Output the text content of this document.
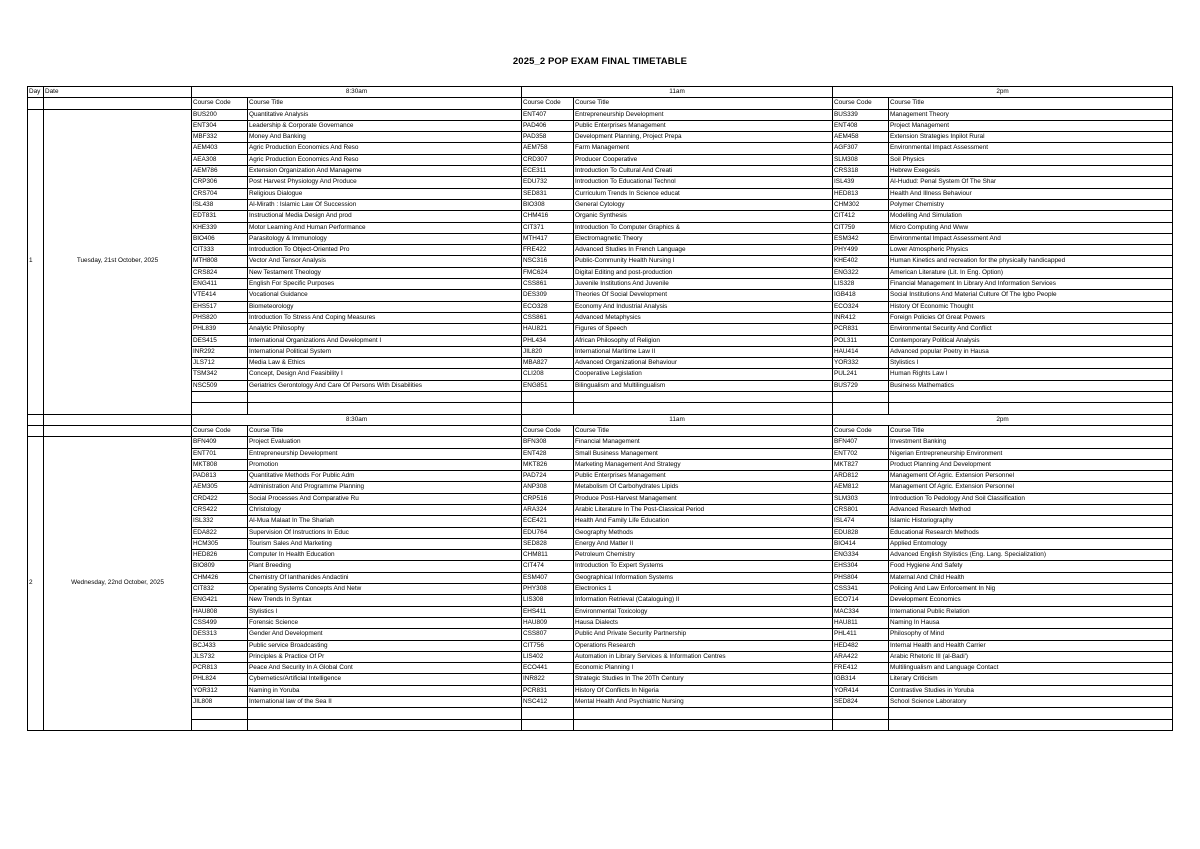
2025_2 POP EXAM FINAL TIMETABLE
Day	Date	8:30am		11am		2pm	
		Course Code	Course Title	Course Code	Course Title	Course Code	Course Title
1	Tuesday, 21st October, 2025	BUS200	Quantitative Analysis	ENT407	Entrepreneurship Development	BUS339	Management Theory
		ENT304	Leadership & Corporate Governance	PAD406	Public Enterprises Management	ENT408	Project Management
		MBF332	Money And Banking	PAD358	Development Planning, Project Prepa	AEM458	Extension Strategies Inpilot Rural
		AEM403	Agric Production Economics And Reso	AEM758	Farm Management	AGF307	Environmental Impact Assessment
		AEA308	Agric Production Economics And Reso	CRD307	Producer Cooperative	SLM308	Soil Physics
		AEM786	Extension Organization And Manageme	ECE311	Introduction To Cultural And Creati	CRS318	Hebrew Exegesis
		CRP306	Post Harvest Physiology And Produce	EDU732	Introduction To Educational Technol	ISL439	Al-Hudud: Penal System Of The Shar
		CRS704	Religious Dialogue	SED831	Curriculum Trends In Science educat	HED813	Health And Illness Behaviour
		ISL438	Al-Mirath : Islamic Law Of Succession	BIO308	General Cytology	CHM302	Polymer Chemistry
		EDT831	Instructional Media Design And prod	CHM416	Organic Synthesis	CIT412	Modelling And Simulation
		KHE339	Motor Learning And Human Performance	CIT371	Introduction To Computer Graphics &	CIT759	Micro Computing And Www
		BIO406	Parasitology & Immunology	MTH417	Electromagnetic Theory	ESM342	Environmental Impact Assessment And
		CIT333	Introduction To Object-Oriented Pro	FRE422	Advanced Studies In French Language	PHY499	Lower Atmospheric Physics
		MTH808	Vector And Tensor Analysis	NSC316	Public-Community Health Nursing I	KHE402	Human Kinetics and recreation for the physically handicapped
		CRS824	New Testament Theology	FMC624	Digital Editing and post-production	ENG322	American Literature (Lit. In Eng. Option)
		ENG411	English For Specific Purposes	CSS861	Juvenile Institutions And Juvenile	LIS328	Financial Management In Library And Information Services
		VTE414	Vocational Guidance	DES309	Theories Of Social Development	IGB418	Social Institutions And Material Culture Of The Igbo People
		EHS517	Biometeorology	ECO328	Economy And Industrial Analysis	ECO324	History Of Economic Thought
		PHS820	Introduction To Stress And Coping Measures	CSS861	Advanced Metaphysics	INR412	Foreign Policies Of Great Powers
		PHL839	Analytic Philosophy	HAU821	Figures of Speech	PCR831	Environmental Security And Conflict
		DES415	International Organizations And Development I	PHL434	African Philosophy of Religion	POL311	Contemporary Political Analysis
		INR292	International Political System	JIL820	International Maritime Law II	HAU414	Advanced popular Poetry in Hausa
		JLS712	Media Law & Ethics	MBA827	Advanced Organizational Behaviour	YOR332	Stylistics I
		TSM342	Concept, Design And Feasibility I	CLI208	Cooperative Legislation	PUL241	Human Rights Law I
		NSC509	Geriatrics Gerontology And Care Of Persons With Disabilities	ENG851	Bilingualism and Multilingualism	BUS729	Business Mathematics

		8:30am		11am		2pm	
		Course Code	Course Title	Course Code	Course Title	Course Code	Course Title
2	Wednesday, 22nd October, 2025	BFN409	Project Evaluation	BFN308	Financial Management	BFN407	Investment Banking
		ENT701	Entrepreneurship Development	ENT428	Small Business Management	ENT702	Nigerian Entrepreneurship Environment
		MKT808	Promotion	MKT826	Marketing Management And Strategy	MKT827	Product Planning And Development
		PAD813	Quantitative Methods For Public Adm	PAD724	Public Enterprises Management	ARD812	Management Of Agric. Extension Personnel
		AEM305	Administration And Programme Planning	ANP308	Metabolism Of Carbohydrates Lipids	AEM812	Management Of Agric. Extension Personnel
		CRD422	Social Processes And Comparative Ru	CRP516	Produce Post-Harvest Management	SLM303	Introduction To Pedology And Soil Classification
		CRS422	Christology	ARA324	Arabic Literature In The Post-Classical Period	CRS801	Advanced Research Method
		ISL332	Al-Mua Malaat In The Shariah	ECE421	Health And Family Life Education	ISL474	Islamic Historiography
		EDA822	Supervision Of Instructions In Educ	EDU764	Geography Methods	EDU828	Educational Research Methods
		HCM305	Tourism Sales And Marketing	SED828	Energy And Matter II	BIO414	Applied Entomology
		HED826	Computer In Health Education	CHM811	Petroleum Chemistry	ENG334	Advanced English Stylistics (Eng. Lang. Specialization)
		BIO809	Plant Breeding	CIT474	Introduction To Expert Systems	EHS304	Food Hygiene And Safety
		CHM426	Chemistry Of lanthanides Andactini	ESM407	Geographical Information Systems	PHS804	Maternal And Child Health
		CIT832	Operating Systems Concepts And Netw	PHY308	Electronics 1	CSS341	Policing And Law Enforcement In Nig
		ENG421	New Trends In Syntax	LIS308	Information Retrieval (Cataloguing) II	ECO714	Development Economics
		HAU808	Stylistics I	EHS411	Environmental Toxicology	MAC334	International Public Relation
		CSS499	Forensic Science	HAU809	Hausa Dialects	HAU811	Naming In Hausa
		DES313	Gender And Development	CSS807	Public And Private Security Partnership	PHL411	Philosophy of Mind
		BCJ433	Public service Broadcasting	CIT756	Operations Research	HED482	Internal Health and Health Carrier
		JLS732	Principles & Practice Of Pr	LIS402	Automation in Library Services & Information Centres	ARA422	Arabic Rhetoric III (al-Badi')
		PCR813	Peace And Security In A Global Cont	ECO441	Economic Planning I	FRE412	Multilingualism and Language Contact
		PHL824	Cybernetics/Artificial Intelligence	INR822	Strategic Studies In The 20Th Century	IGB314	Literary Criticism
		YOR312	Naming in Yoruba	PCR831	History Of Conflicts In Nigeria	YOR414	Contrastive Studies in Yoruba
		JIL808	International law of the Sea II	NSC412	Mental Health And Psychiatric Nursing	SED824	School Science Laboratory
